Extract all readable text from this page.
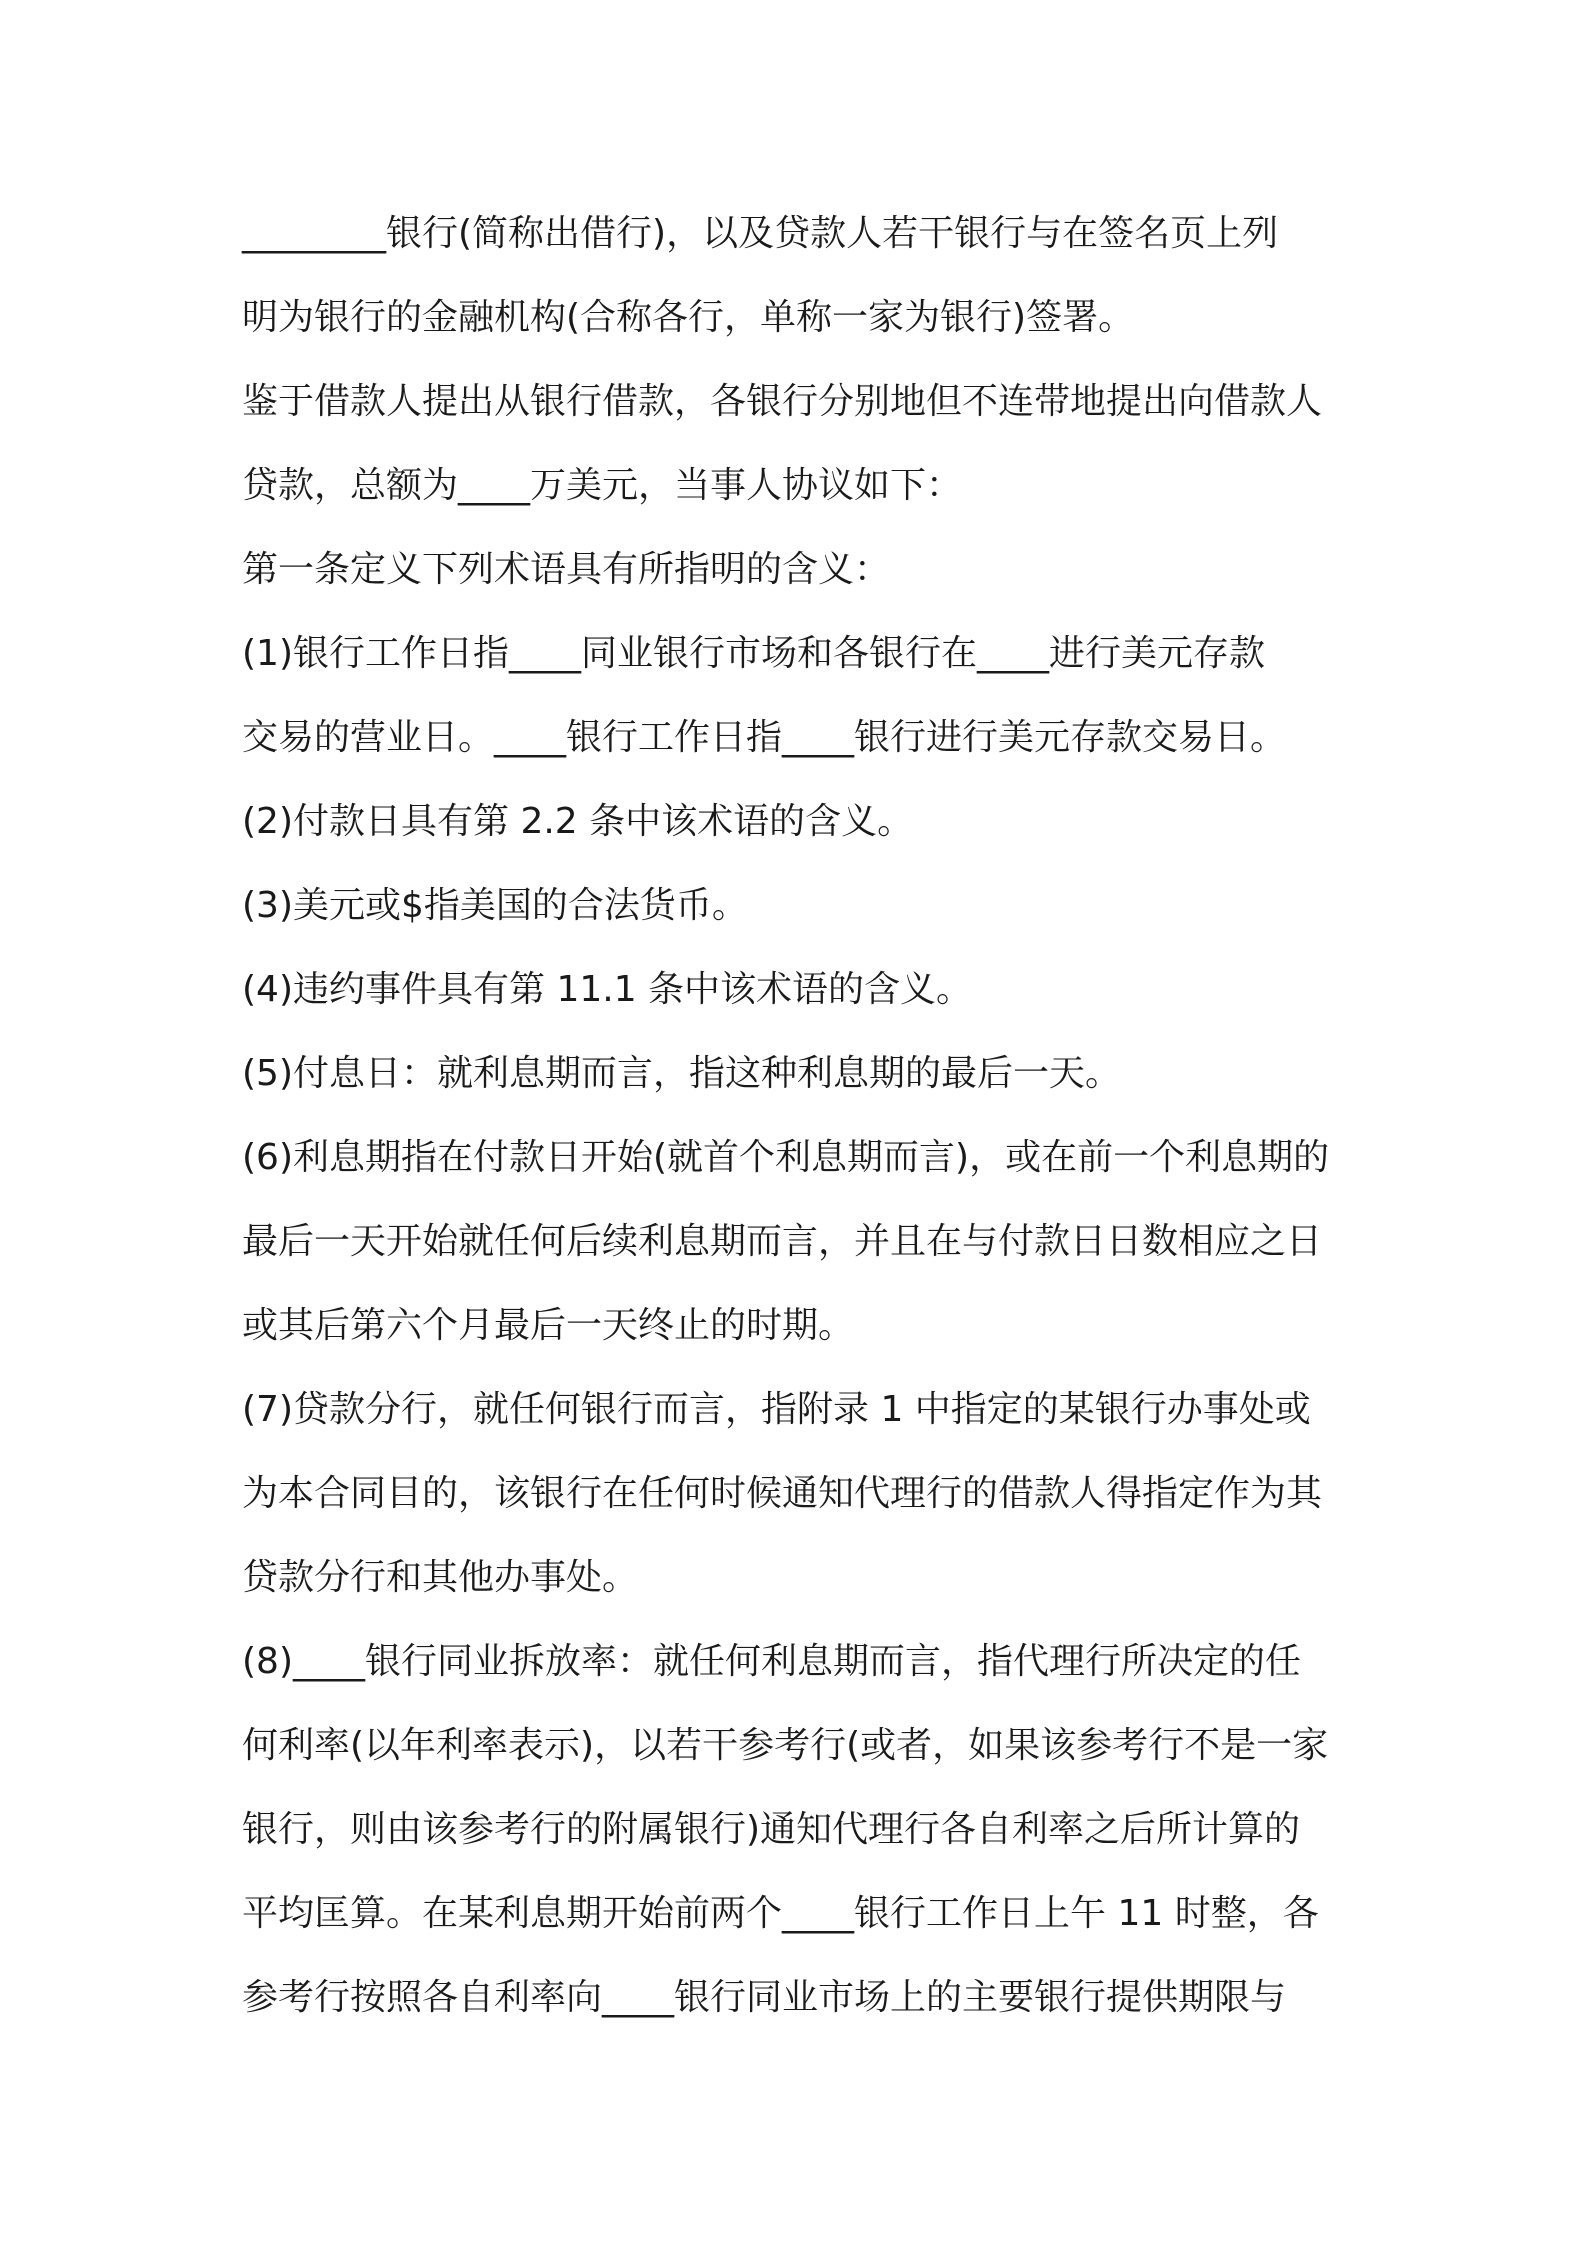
________银行(简称出借行)，以及贷款人若干银行与在签名页上列
明为银行的金融机构(合称各行，单称一家为银行)签署。
鉴于借款人提出从银行借款，各银行分别地但不连带地提出向借款人
贷款，总额为____万美元，当事人协议如下：
第一条定义下列术语具有所指明的含义：
(1)银行工作日指____同业银行市场和各银行在____进行美元存款
交易的营业日。____银行工作日指____银行进行美元存款交易日。
(2)付款日具有第 2.2 条中该术语的含义。
(3)美元或$指美国的合法货币。
(4)违约事件具有第 11.1 条中该术语的含义。
(5)付息日：就利息期而言，指这种利息期的最后一天。
(6)利息期指在付款日开始(就首个利息期而言)，或在前一个利息期的
最后一天开始就任何后续利息期而言，并且在与付款日日数相应之日
或其后第六个月最后一天终止的时期。
(7)贷款分行，就任何银行而言，指附录 1 中指定的某银行办事处或
为本合同目的，该银行在任何时候通知代理行的借款人得指定作为其
贷款分行和其他办事处。
(8)____银行同业拆放率：就任何利息期而言，指代理行所决定的任
何利率(以年利率表示)，以若干参考行(或者，如果该参考行不是一家
银行，则由该参考行的附属银行)通知代理行各自利率之后所计算的
平均匡算。在某利息期开始前两个____银行工作日上午 11 时整，各
参考行按照各自利率向____银行同业市场上的主要银行提供期限与
